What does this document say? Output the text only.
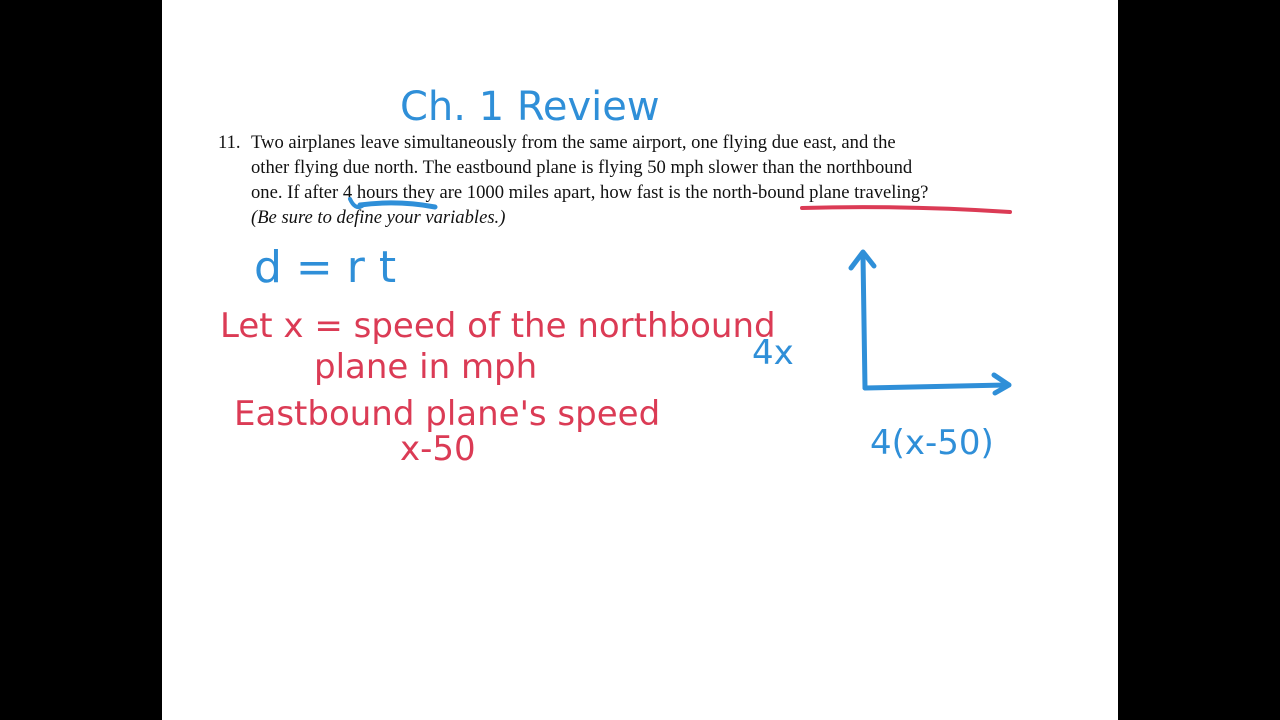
11. Two airplanes leave simultaneously from the same airport, one flying due east, and the
other flying due north. The eastbound plane is flying 50 mph slower than the northbound
one. If after 4 hours they are 1000 miles apart, how fast is the north-bound plane traveling?
(Be sure to define your variables.)
Ch. 1 Review
d = r t
Let x = speed of the northbound
plane in mph
Eastbound plane's speed
x-50
4x
4(x-50)
